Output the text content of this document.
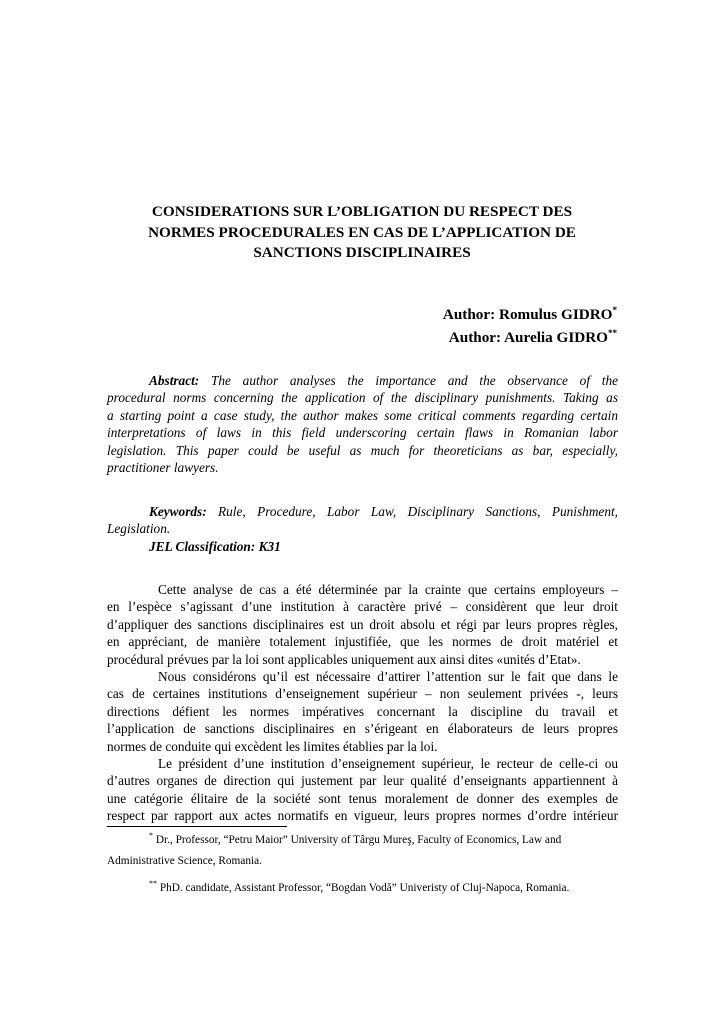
CONSIDERATIONS SUR L’OBLIGATION DU RESPECT DES
NORMES PROCEDURALES EN CAS DE L’APPLICATION DE
SANCTIONS DISCIPLINAIRES
Author: Romulus GIDRO*
Author: Aurelia GIDRO**
Abstract: The author analyses the importance and the observance of the
procedural norms concerning the application of the disciplinary punishments. Taking as
a starting point a case study, the author makes some critical comments regarding certain
interpretations of laws in this field underscoring certain flaws in Romanian labor
legislation. This paper could be useful as much for theoreticians as bar, especially,
practitioner lawyers.
Keywords: Rule, Procedure, Labor Law, Disciplinary Sanctions, Punishment,
Legislation.
JEL Classification: K31
Cette analyse de cas a été déterminée par la crainte que certains employeurs –
en l’espèce s’agissant d’une institution à caractère privé – considèrent que leur droit
d’appliquer des sanctions disciplinaires est un droit absolu et régi par leurs propres règles,
en appréciant, de manière totalement injustifiée, que les normes de droit matériel et
procédural prévues par la loi sont applicables uniquement aux ainsi dites «unités d’Etat».
Nous considérons qu’il est nécessaire d’attirer l’attention sur le fait que dans le
cas de certaines institutions d’enseignement supérieur – non seulement privées -, leurs
directions défient les normes impératives concernant la discipline du travail et
l’application de sanctions disciplinaires en s’érigeant en élaborateurs de leurs propres
normes de conduite qui excèdent les limites établies par la loi.
Le président d’une institution d’enseignement supérieur, le recteur de celle-ci ou
d’autres organes de direction qui justement par leur qualité d’enseignants appartiennent à
une catégorie élitaire de la société sont tenus moralement de donner des exemples de
respect par rapport aux actes normatifs en vigueur, leurs propres normes d’ordre intérieur
* Dr., Professor, “Petru Maior” University of Târgu Mureş, Faculty of Economics, Law and
Administrative Science, Romania.
** PhD. candidate, Assistant Professor, “Bogdan Vodă” Univeristy of Cluj-Napoca, Romania.
